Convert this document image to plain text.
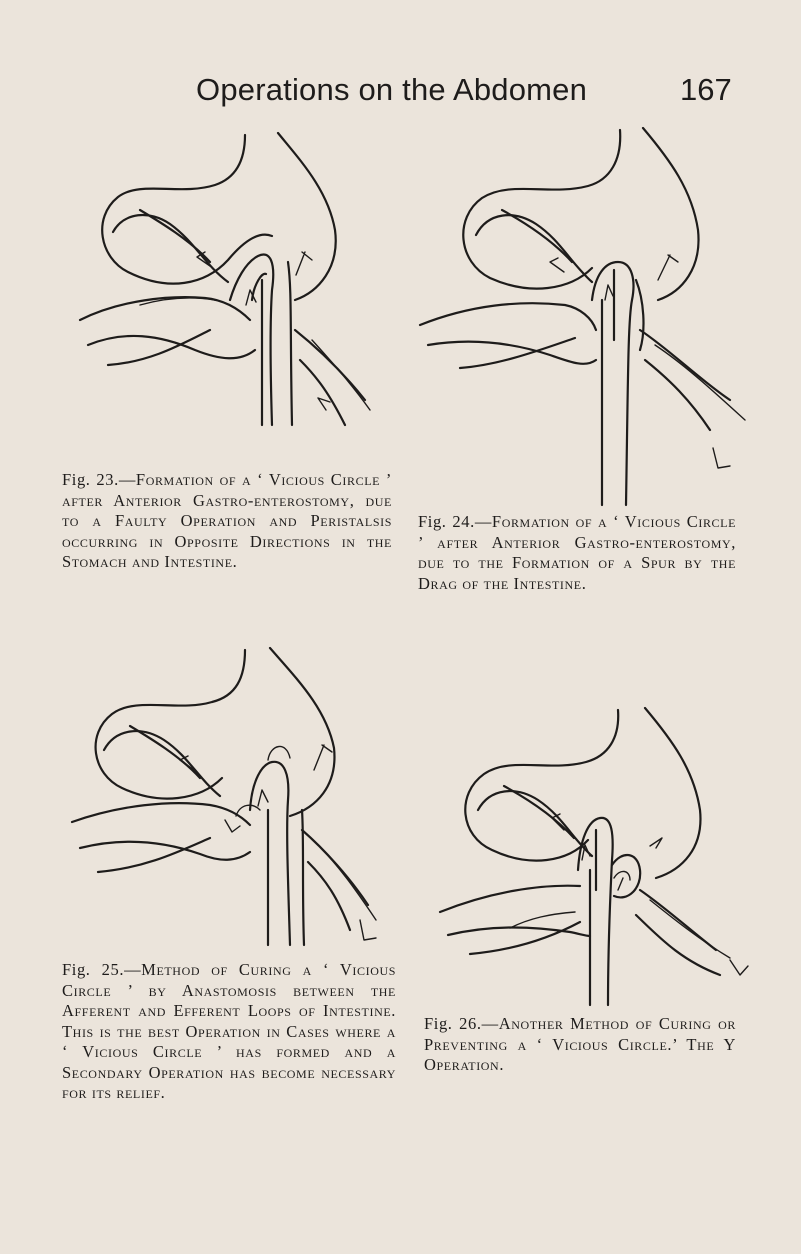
Operations on the Abdomen	167
Fig. 23.—Formation of a ‘ Vicious Circle ’ after Anterior Gastro-enterostomy, due to a Faulty Operation and Peristalsis occurring in Opposite Directions in the Stomach and Intestine.
Fig. 24.—Formation of a ‘ Vicious Circle ’ after Anterior Gastro-enterostomy, due to the Formation of a Spur by the Drag of the Intestine.
Fig. 25.—Method of Curing a ‘ Vicious Circle ’ by Anastomosis between the Afferent and Efferent Loops of Intestine. This is the best Operation in Cases where a ‘ Vicious Circle ’ has formed and a Secondary Operation has become necessary for its relief.
Fig. 26.—Another Method of Curing or Preventing a ‘ Vicious Circle.’ The Y Operation.
